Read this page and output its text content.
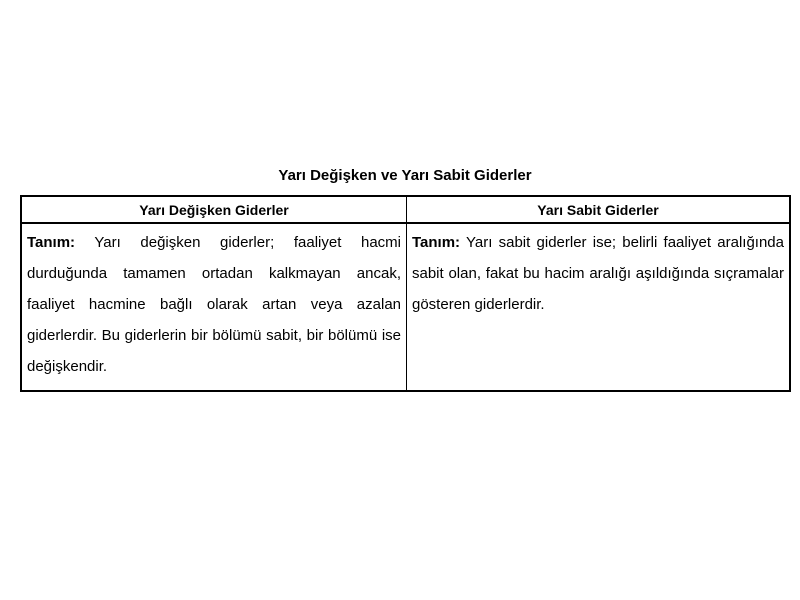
Yarı Değişken ve Yarı Sabit Giderler
Yarı Değişken Giderler	Yarı Sabit Giderler
Tanım: Yarı değişken giderler; faaliyet hacmi durduğunda tamamen ortadan kalkmayan ancak, faaliyet hacmine bağlı olarak artan veya azalan giderlerdir. Bu giderlerin bir bölümü sabit, bir bölümü ise değişkendir.	Tanım: Yarı sabit giderler ise; belirli faaliyet aralığında sabit olan, fakat bu hacim aralığı aşıldığında sıçramalar gösteren giderlerdir.
